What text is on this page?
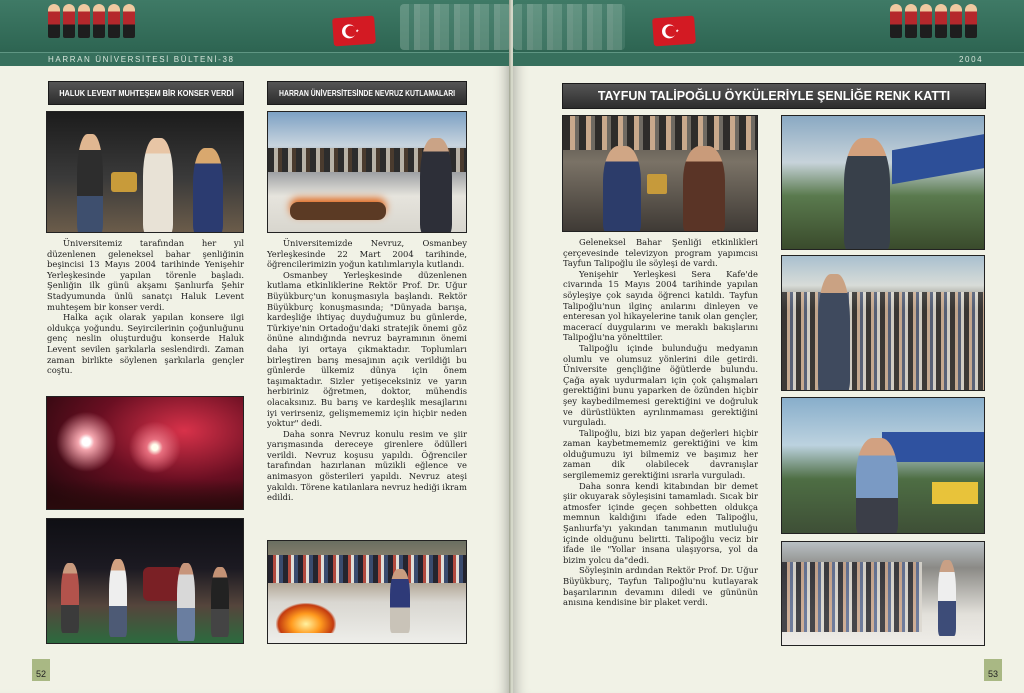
HARRAN ÜNİVERSİTESİ BÜLTENİ-38
HALUK LEVENT MUHTEŞEM BİR KONSER VERDİ

Üniversitemiz tarafından her yıl düzenlenen geleneksel bahar şenliğinin beşincisi 13 Mayıs 2004 tarihinde Yenişehir Yerleşkesinde yapılan törenle başladı. Şenliğin ilk günü akşamı Şanlıurfa Şehir Stadyumunda ünlü sanatçı Haluk Levent muhteşem bir konser verdi.

Halka açık olarak yapılan konsere ilgi oldukça yoğundu. Seyircilerinin çoğunluğunu genç neslin oluşturduğu konserde Haluk Levent sevilen şarkılarla seslendirdi. Zaman zaman birlikte söylenen şarkılarla gençler coştu.

HARRAN ÜNİVERSİTESİNDE NEVRUZ KUTLAMALARI

Üniversitemizde Nevruz, Osmanbey Yerleşkesinde 22 Mart 2004 tarihinde, öğrencilerimizin yoğun katılımlarıyla kutlandı.

Osmanbey Yerleşkesinde düzenlenen kutlama etkinliklerine Rektör Prof. Dr. Uğur Büyükburç'un konuşmasıyla başlandı. Rektör Büyükburç konuşmasında; "Dünyada barışa, kardeşliğe ihtiyaç duyduğumuz bu günlerde, Türkiye'nin Ortadoğu'daki stratejik önemi göz önüne alındığında nevruz bayramının önemi daha iyi ortaya çıkmaktadır. Toplumları birleştiren barış mesajının açık verildiği bu günlerde ülkemiz dünya için önem taşımaktadır. Sizler yetişeceksiniz ve yarın herbiriniz öğretmen, doktor, mühendis olacaksınız. Bu barış ve kardeşlik mesajlarını iyi verirseniz, gelişmememiz için hiçbir neden yoktur" dedi.

Daha sonra Nevruz konulu resim ve şiir yarışmasında dereceye girenlere ödülleri verildi. Nevruz koşusu yapıldı. Öğrenciler tarafından hazırlanan müzikli eğlence ve animasyon gösterileri yapıldı. Nevruz ateşi yakıldı. Törene katılanlara nevruz hediği ikram edildi.

52
2004
TAYFUN TALİPOĞLU ÖYKÜLERİYLE ŞENLİĞE RENK KATTI

Geleneksel Bahar Şenliği etkinlikleri çerçevesinde televizyon program yapımcısı Tayfun Talipoğlu ile söyleşi de vardı.

Yenişehir Yerleşkesi Sera Kafe'de civarında 15 Mayıs 2004 tarihinde yapılan söyleşiye çok sayıda öğrenci katıldı. Tayfun Talipoğlu'nun ilginç anılarını dinleyen ve enteresan yol hikayelerine tanık olan gençler, macerací duygularını ve meraklı bakışlarını Talipoğlu'na yönelttiler.

Talipoğlu içinde bulunduğu medyanın olumlu ve olumsuz yönlerini dile getirdi. Üniversite gençliğine öğütlerde bulundu. Çağa ayak uydurmaları için çok çalışmaları gerektiğini bunu yaparken de özünden hiçbir şey kaybedilmemesi gerektiğini ve doğruluk ve dürüstlükten ayrılınmaması gerektiğini vurguladı.

Talipoğlu, bizi biz yapan değerleri hiçbir zaman kaybetmememiz gerektiğini ve kim olduğumuzu iyi bilmemiz ve başımız her zaman dik olabilecek davranışlar sergilememiz gerektiğini ısrarla vurguladı.

Daha sonra kendi kitabından bir demet şiir okuyarak söyleşisini tamamladı. Sıcak bir atmosfer içinde geçen sohbetten oldukça memnun kaldığını ifade eden Talipoğlu, Şanlıurfa'yı yakından tanımanın mutluluğu içinde olduğunu belirtti. Talipoğlu veciz bir ifade ile "Yollar insana ulaşıyorsa, yol da bizim yolcu da"dedi.

Söyleşinin ardından Rektör Prof. Dr. Uğur Büyükburç, Tayfun Talipoğlu'nu kutlayarak başarılarının devamını diledi ve gününün anısına kendisine bir plaket verdi.

53
